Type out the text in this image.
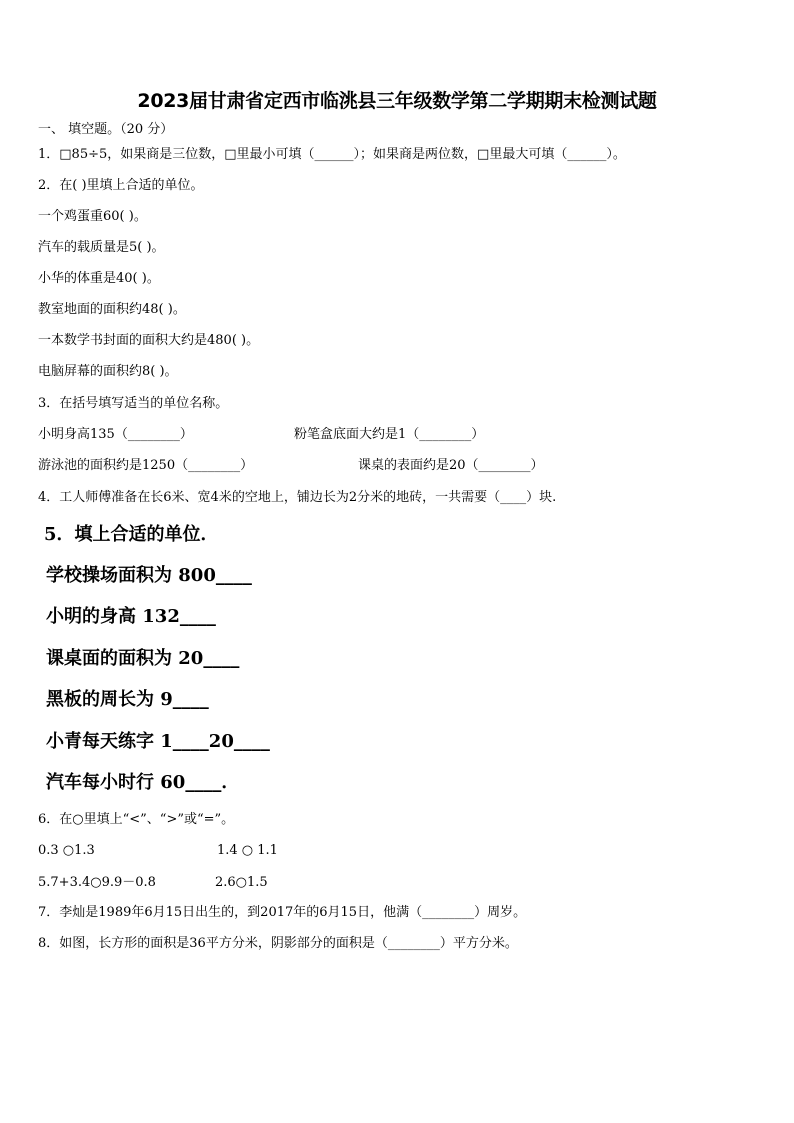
2023届甘肃省定西市临洮县三年级数学第二学期期末检测试题
一、 填空题。（20 分）
1．□85÷5，如果商是三位数，□里最小可填（______）；如果商是两位数，□里最大可填（______）。
2．在( )里填上合适的单位。
一个鸡蛋重60( )。
汽车的载质量是5( )。
小华的体重是40( )。
教室地面的面积约48( )。
一本数学书封面的面积大约是480( )。
电脑屏幕的面积约8( )。
3．在括号填写适当的单位名称。
小明身高135（________）	粉笔盒底面大约是1（________）
游泳池的面积约是1250（________）	课桌的表面约是20（________）
4．工人师傅准备在长6米、宽4米的空地上，铺边长为2分米的地砖，一共需要（____）块.
5．填上合适的单位．
学校操场面积为 800____
小明的身高 132____
课桌面的面积为 20____
黑板的周长为 9____
小青每天练字 1____20____
汽车每小时行 60____．
6．在○里填上“<”、“>”或“=”。
0.3 ○1.3	1.4 ○ 1.1
5.7+3.4○9.9－0.8	2.6○1.5
7．李灿是1989年6月15日出生的，到2017年的6月15日，他满（________）周岁。
8．如图，长方形的面积是36平方分米，阴影部分的面积是（________）平方分米。
